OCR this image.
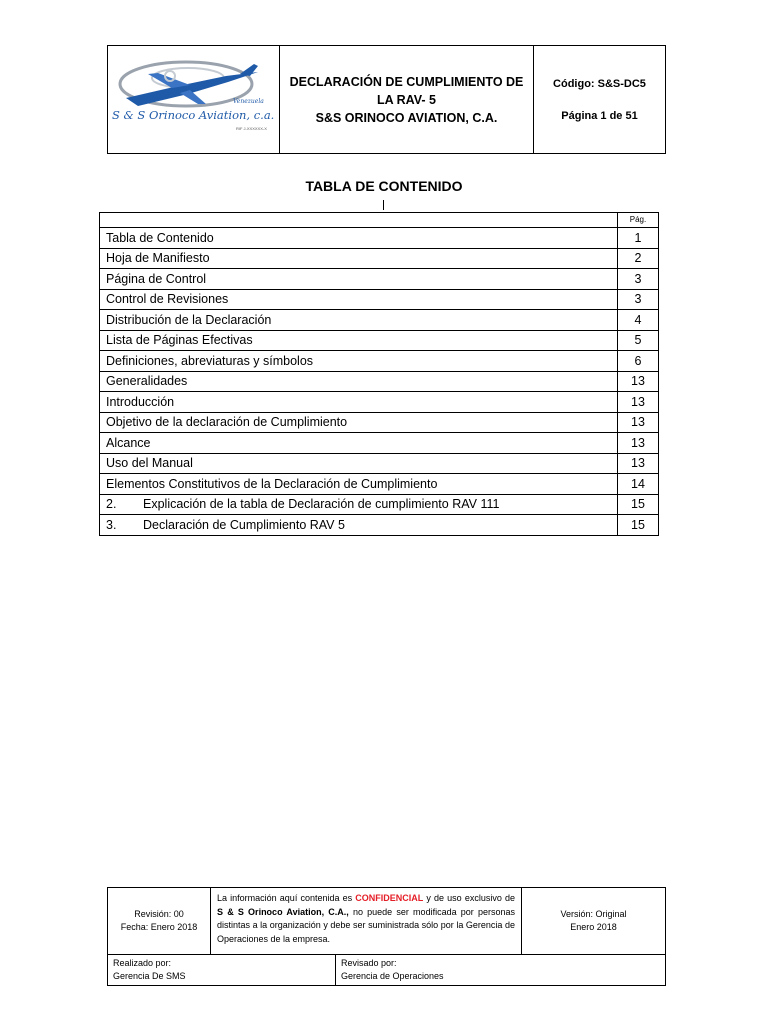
Venezuela
S & S Orinoco Aviation, c.a.
RIF J-XXXXXX-X
DECLARACIÓN DE CUMPLIMIENTO DE
LA RAV- 5
S&S ORINOCO AVIATION, C.A.
Código: S&S-DC5
Página 1 de 51
TABLA DE CONTENIDO
	Pág.
Tabla de Contenido	1
Hoja de Manifiesto	2
Página de Control	3
Control de Revisiones	3
Distribución de la Declaración	4
Lista de Páginas Efectivas	5
Definiciones, abreviaturas y símbolos	6
Generalidades	13
Introducción	13
Objetivo de la declaración de Cumplimiento	13
Alcance	13
Uso del Manual	13
Elementos Constitutivos de la Declaración de Cumplimiento	14
2. Explicación de la tabla de Declaración de cumplimiento RAV 111	15
3. Declaración de Cumplimiento RAV 5	15
Revisión: 00
Fecha: Enero 2018
La información aquí contenida es CONFIDENCIAL y de uso exclusivo de S & S Orinoco Aviation, C.A., no puede ser modificada por personas distintas a la organización y debe ser suministrada sólo por la Gerencia de Operaciones de la empresa.
Versión: Original
Enero 2018
Realizado por:
Gerencia De SMS
Revisado por:
Gerencia de Operaciones
